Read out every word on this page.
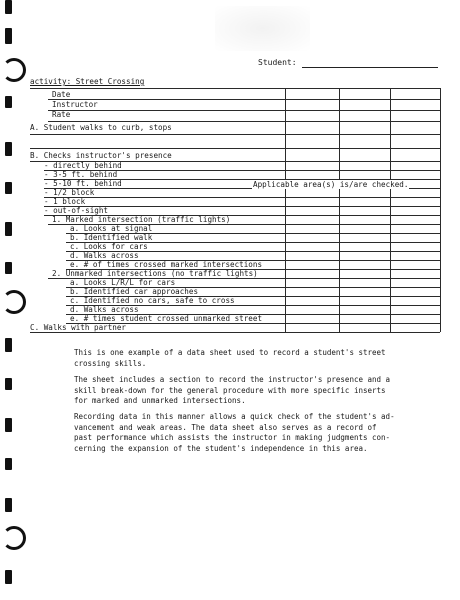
Student:
activity: Street Crossing
Date
Instructor
Rate
A. Student walks to curb, stops
B. Checks instructor's presence
- directly behind
- 3-5 ft. behind
- 5-10 ft. behind
- 1/2 block
- 1 block
- out-of-sight
1. Marked intersection (traffic lights)
a. Looks at signal
b. Identified walk
c. Looks for cars
d. Walks across
e. # of times crossed marked intersections
2. Unmarked intersections (no traffic lights)
a. Looks L/R/L for cars
b. Identified car approaches
c. Identified no cars, safe to cross
d. Walks across
e. # times student crossed unmarked street
C. Walks with partner
Applicable area(s) is/are checked.
This is one example of a data sheet used to record a student's street
crossing skills.
The sheet includes a section to record the instructor's presence and a
skill break-down for the general procedure with more specific inserts
for marked and unmarked intersections.
Recording data in this manner allows a quick check of the student's ad-
vancement and weak areas. The data sheet also serves as a record of
past performance which assists the instructor in making judgments con-
cerning the expansion of the student's independence in this area.
